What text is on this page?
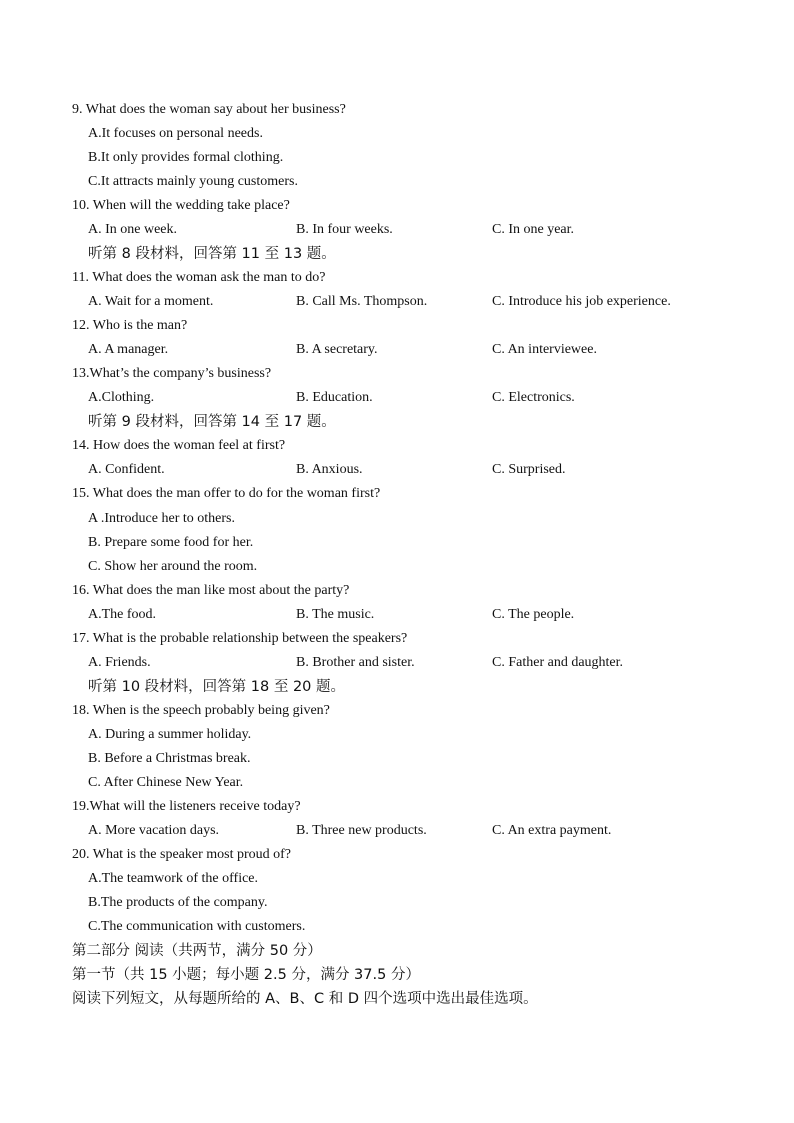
9. What does the woman say about her business?
A.It focuses on personal needs.
B.It only provides formal clothing.
C.It attracts mainly young customers.
10. When will the wedding take place?
A. In one week.	B. In four weeks.	C. In one year.
听第 8 段材料，回答第 11 至 13 题。
11. What does the woman ask the man to do?
A. Wait for a moment.	B. Call Ms. Thompson.	C. Introduce his job experience.
12. Who is the man?
A. A manager.	B. A secretary.	C. An interviewee.
13.What’s the company’s business?
A.Clothing.	B. Education.	C. Electronics.
听第 9 段材料，回答第 14 至 17 题。
14. How does the woman feel at first?
A. Confident.	B. Anxious.	C. Surprised.
15. What does the man offer to do for the woman first?
A .Introduce her to others.
B. Prepare some food for her.
C. Show her around the room.
16. What does the man like most about the party?
A.The food.	B. The music.	C. The people.
17. What is the probable relationship between the speakers?
A. Friends.	B. Brother and sister.	C. Father and daughter.
听第 10 段材料，回答第 18 至 20 题。
18. When is the speech probably being given?
A. During a summer holiday.
B. Before a Christmas break.
C. After Chinese New Year.
19.What will the listeners receive today?
A. More vacation days.	B. Three new products.	C. An extra payment.
20. What is the speaker most proud of?
A.The teamwork of the office.
B.The products of the company.
C.The communication with customers.
第二部分 阅读（共两节，满分 50 分）
第一节（共 15 小题；每小题 2.5 分，满分 37.5 分）
阅读下列短文，从每题所给的 A、B、C 和 D 四个选项中选出最佳选项。
